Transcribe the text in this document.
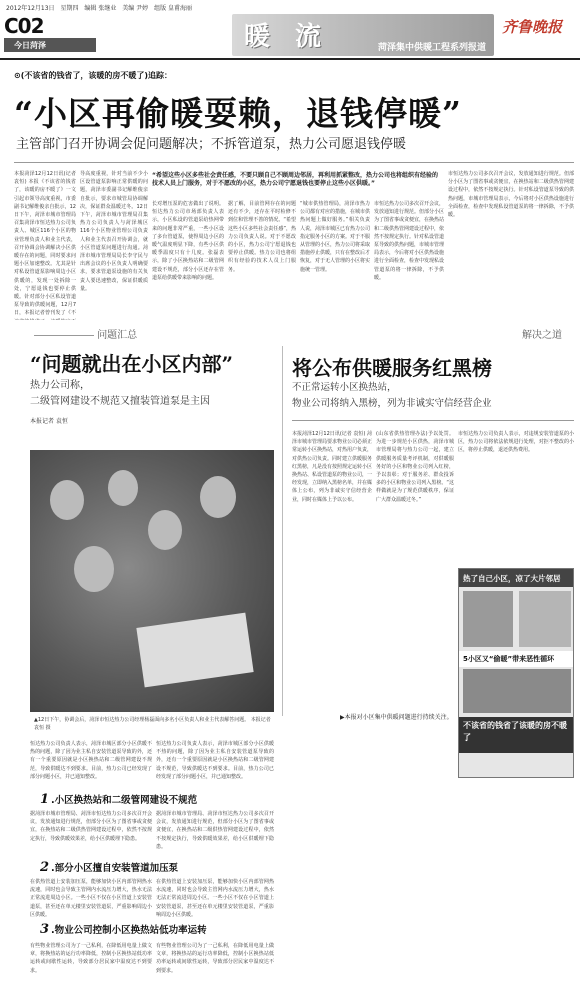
2012年12月13日 星期四 编辑 张继业 美编 尹婷 组版 皇甫海丽
C02
今日菏泽	暖 流	菏泽集中供暖工程系列报道
齐鲁晚报
⊙(不该省的钱省了，该暖的房不暖了)追踪：
“小区再偷暖耍赖，退钱停暖”
主管部门召开协调会促问题解决；不拆管道泵，热力公司愿退钱停暖
本报菏泽12月12日讯(记者 袁恒) 本报《不该省的钱省了，该暖的房不暖了》一文引起市领导高度重视，市委副书记解维俊亲自批示，12日下午，菏泽市城市管理局召集菏泽市恒达热力公司负责人、城区116个小区的物业管理负责人和业主代表，召开协调会协调解决小区供暖存在的问题，同时要求问题小区加速整改。尤其是针对私设管道泵影响周边小区供暖的，发现一处拆除一处，宁愿退钱也要停止供暖。针对部分小区私设管道泵导致的供暖问题，12月7日，本报记者曾刊发了《不
导高度重视，针对当前不少小区设管道泵影响正常供暖的问题，菏泽市委副书记解维俊亲自批示，要求市城管局协调解决，保证群众温暖过冬。12日下午，菏泽市城市管理局召集热力公司负责人与菏泽城区116个小区物业管理公司负责人和业主代表召开协调会，就小区管道泵问题进行沟通。菏泽市城市管理局局长李守民与出席会议的小区负责人明确要求，要求管道泵设施的有关负责人要迅速整改，保证供暖质量。
“希望这些小区多些社会责任感，不要只顾自己不顾周边邻居，再利用抓紧整改，热力公司也将组织有经验的技术人员上门服务，对于不愿改的小区，热力公司宁愿退钱也要停止这些小区供暖。”
长对增压泵的危害做出了说明。恒达热力公司市场部负责人表示，小区私设的管道泵给热网带来的问题非常严重，一些小区设了多台管道泵，使得周边小区的暖气温度明显下降，有些小区供暖季温度只有十几度。张磊表示，除了小区换热站和二级管网建设不规范，部分小区还存在管道泵给供暖带来影响的问题。
据了解，目前管网存在的问题还有不少，还存在平时检修不到位和管理不善的情况。“希望这些小区多些社会责任感”，热力公司负责人说。对于不愿改的小区，热力公司宁愿退钱也要停止供暖。热力公司也将组织有经验的技术人员上门服务。
“城市供热管理局，菏泽市热力公司都有对应的措施，在城市供热问题上做好服务。”相关负责人说，菏泽市城区已有热力公司指定服务小区的方案。对于不服从管理的小区，热力公司将采取措施停止供暖，只有在整改后才恢复，对于无人管理的小区将实施统一管理。
市恒达热力公司多次召开会议，发放通知进行规范。但部分小区为了图省事或贪便宜，在换热站和二级供热管网建设过程中，依然不按规定执行。针对私设管道泵导致的供热问题，市城市管理局表示，今后将对小区供热设施进行全面检查，检查中发现私设管道泵的将一律拆除，不予供暖。
市恒达热力公司多次召开会议，发放通知进行规范。但部分小区为了图省事或贪便宜，在换热站和二级供热管网建设过程中，依然不按规定执行。针对私设管道泵导致的供热问题，市城市管理局表示，今后将对小区供热设施进行全面检查，检查中发现私设管道泵的将一律拆除，不予供暖。
问题汇总	解决之道
“问题就出在小区内部”
热力公司称，
二级管网建设不规范又擅装管道泵是主因
本报记者 袁恒
▲12日下午，协调会后，菏泽市恒达热力公司经理杨磊面向多名小区负责人和业主代表解答问题。 本报记者 袁恒 摄
恒达热力公司负责人表示，菏泽市城区部分小区供暖不热的问题，除了因为业主私自安装管道泵导致的外，还有一个重要原因就是小区换热站和二级管网建设不规范，导致供暖达不到要求。目前，热力公司已经发现了部分问题小区，并已通知整改。
恒达热力公司负责人表示，菏泽市城区部分小区供暖不热的问题，除了因为业主私自安装管道泵导致的外，还有一个重要原因就是小区换热站和二级管网建设不规范，导致供暖达不到要求。目前，热力公司已经发现了部分问题小区，并已通知整改。
1 .小区换热站和二级管网建设不规范
据菏泽市城市管理局、菏泽市恒达热力公司多次召开会议，发放通知进行规范，但部分小区为了图省事或贪便宜，在换热站和二级供热管网建设过程中，依然不按规定执行，导致供暖效果差，给小区供暖埋下隐患。
据菏泽市城市管理局、菏泽市恒达热力公司多次召开会议，发放通知进行规范，但部分小区为了图省事或贪便宜，在换热站和二级供热管网建设过程中，依然不按规定执行，导致供暖效果差，给小区供暖埋下隐患。
2 .部分小区擅自安装管道加压泵
在供热管道上安装加压泵，能够加快小区内部管网热水流速，同时也会导致主管网内水流压力增大，热水无法正常流进周边小区。一些小区不仅在小区管道上安装管道泵，甚至还在单元楼里安装管道泵，严重影响周边小区供暖。
在供热管道上安装加压泵，能够加快小区内部管网热水流速，同时也会导致主管网内水流压力增大，热水无法正常流进周边小区。一些小区不仅在小区管道上安装管道泵，甚至还在单元楼里安装管道泵，严重影响周边小区供暖。
3 .物业公司控制小区换热站低功率运转
有些物业管理公司为了一己私利，在降低用电量上做文章，将换热站的运行功率降低，控制小区换热站低功率运转或间歇性运转，导致部分居民家中温度达不到要求。
有些物业管理公司为了一己私利，在降低用电量上做文章，将换热站的运行功率降低，控制小区换热站低功率运转或间歇性运转，导致部分居民家中温度达不到要求。
将公布供暖服务红黑榜
不正常运转小区换热站，
物业公司将纳入黑榜，列为非诚实守信经营企业
本报菏泽12月12日讯(记者 袁恒) 菏泽市城市管理局要求物业公司必须正常运转小区换热站，对热用户负责，对供热公司负责。同时建立供暖服务红黑榜，凡是没有按照规定运转小区换热站、私设管道泵的物业公司，一经发现，立即纳入黑榜名单，并在媒体上公布，列为非诚实守信经营企业，同时在媒体上予以公布。
(山东省供热管理办法)予以处罚。为进一步规范小区供热，菏泽市城市管理局将与热力公司一起，建立供暖服务质量考评机制，对供暖服务好的小区和物业公司列入红榜，予以表彰；对于服务差、群众投诉多的小区和物业公司列入黑榜。“这样做就是为了规范供暖秩序，保证广大群众温暖过冬。”
市恒达热力公司负责人表示，对违规安装管道泵的小区，热力公司将依法依规进行处理，对拒不整改的小区，将停止供暖，退还供热费用。
热了自己小区，凉了大片邻居
5小区又“偷暖”带来恶性循环
不该省的钱省了该暖的房不暖了
▶本报对小区集中供暖问题进行持续关注。
